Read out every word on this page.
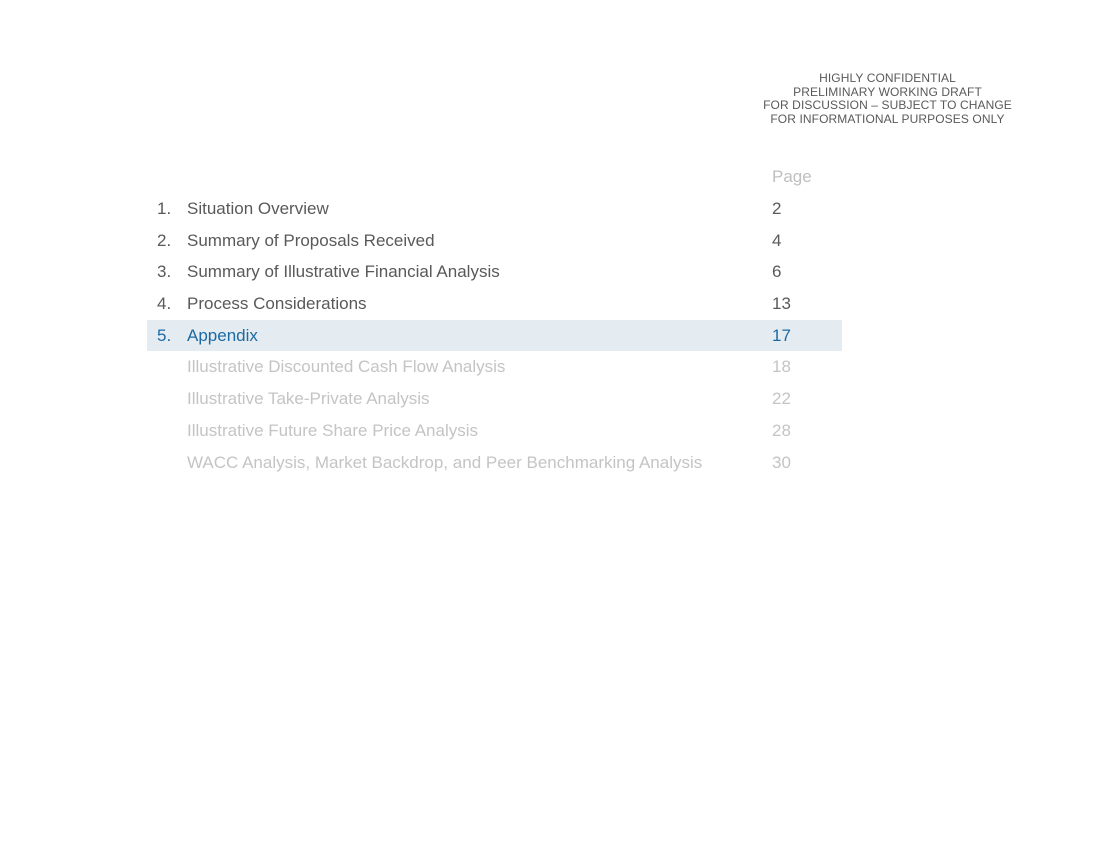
HIGHLY CONFIDENTIAL
PRELIMINARY WORKING DRAFT
FOR DISCUSSION – SUBJECT TO CHANGE
FOR INFORMATIONAL PURPOSES ONLY
Page
1. Situation Overview	2
2. Summary of Proposals Received	4
3. Summary of Illustrative Financial Analysis	6
4. Process Considerations	13
5. Appendix	17
Illustrative Discounted Cash Flow Analysis	18
Illustrative Take-Private Analysis	22
Illustrative Future Share Price Analysis	28
WACC Analysis, Market Backdrop, and Peer Benchmarking Analysis	30
